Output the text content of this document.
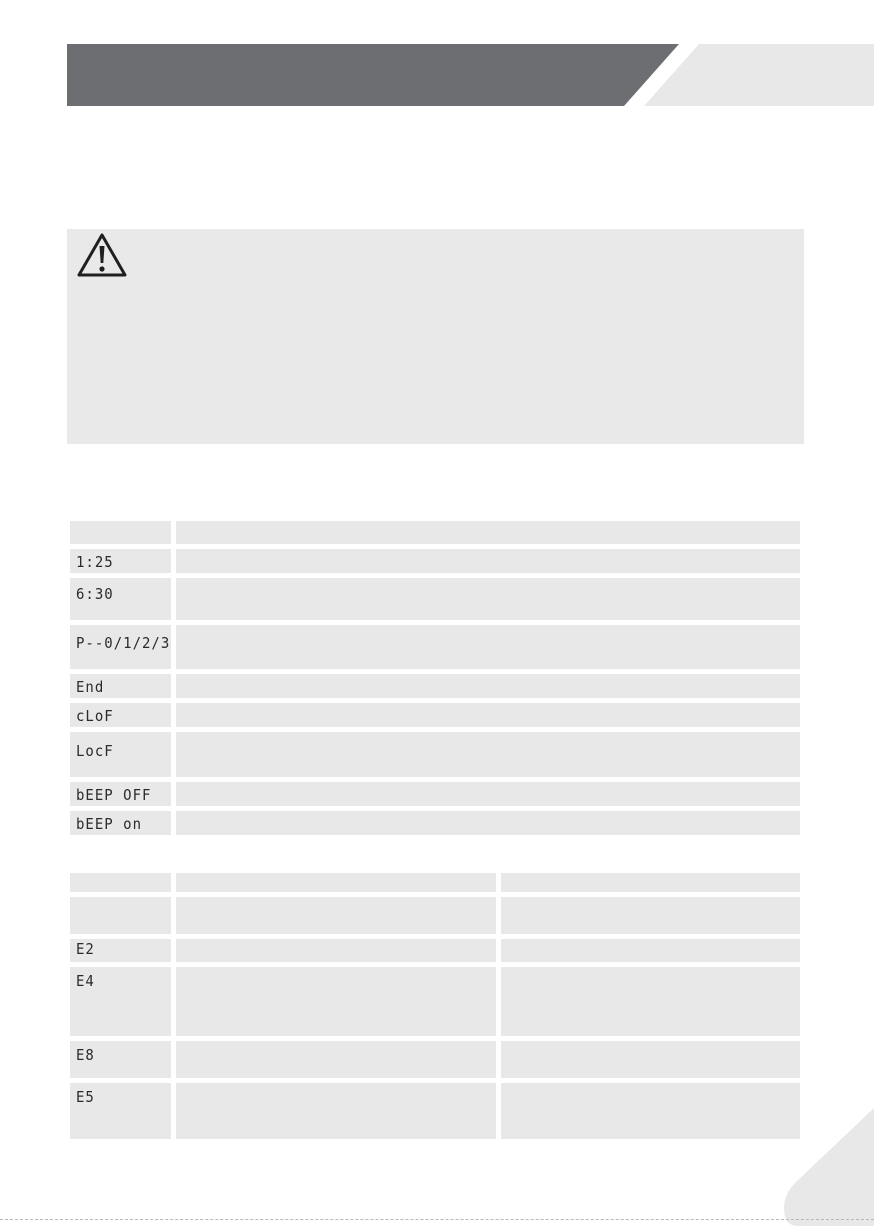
1:25
6:30
P--0/1/2/3
End
cLoF
LocF
bEEP OFF
bEEP on
E2
E4
E8
E5
